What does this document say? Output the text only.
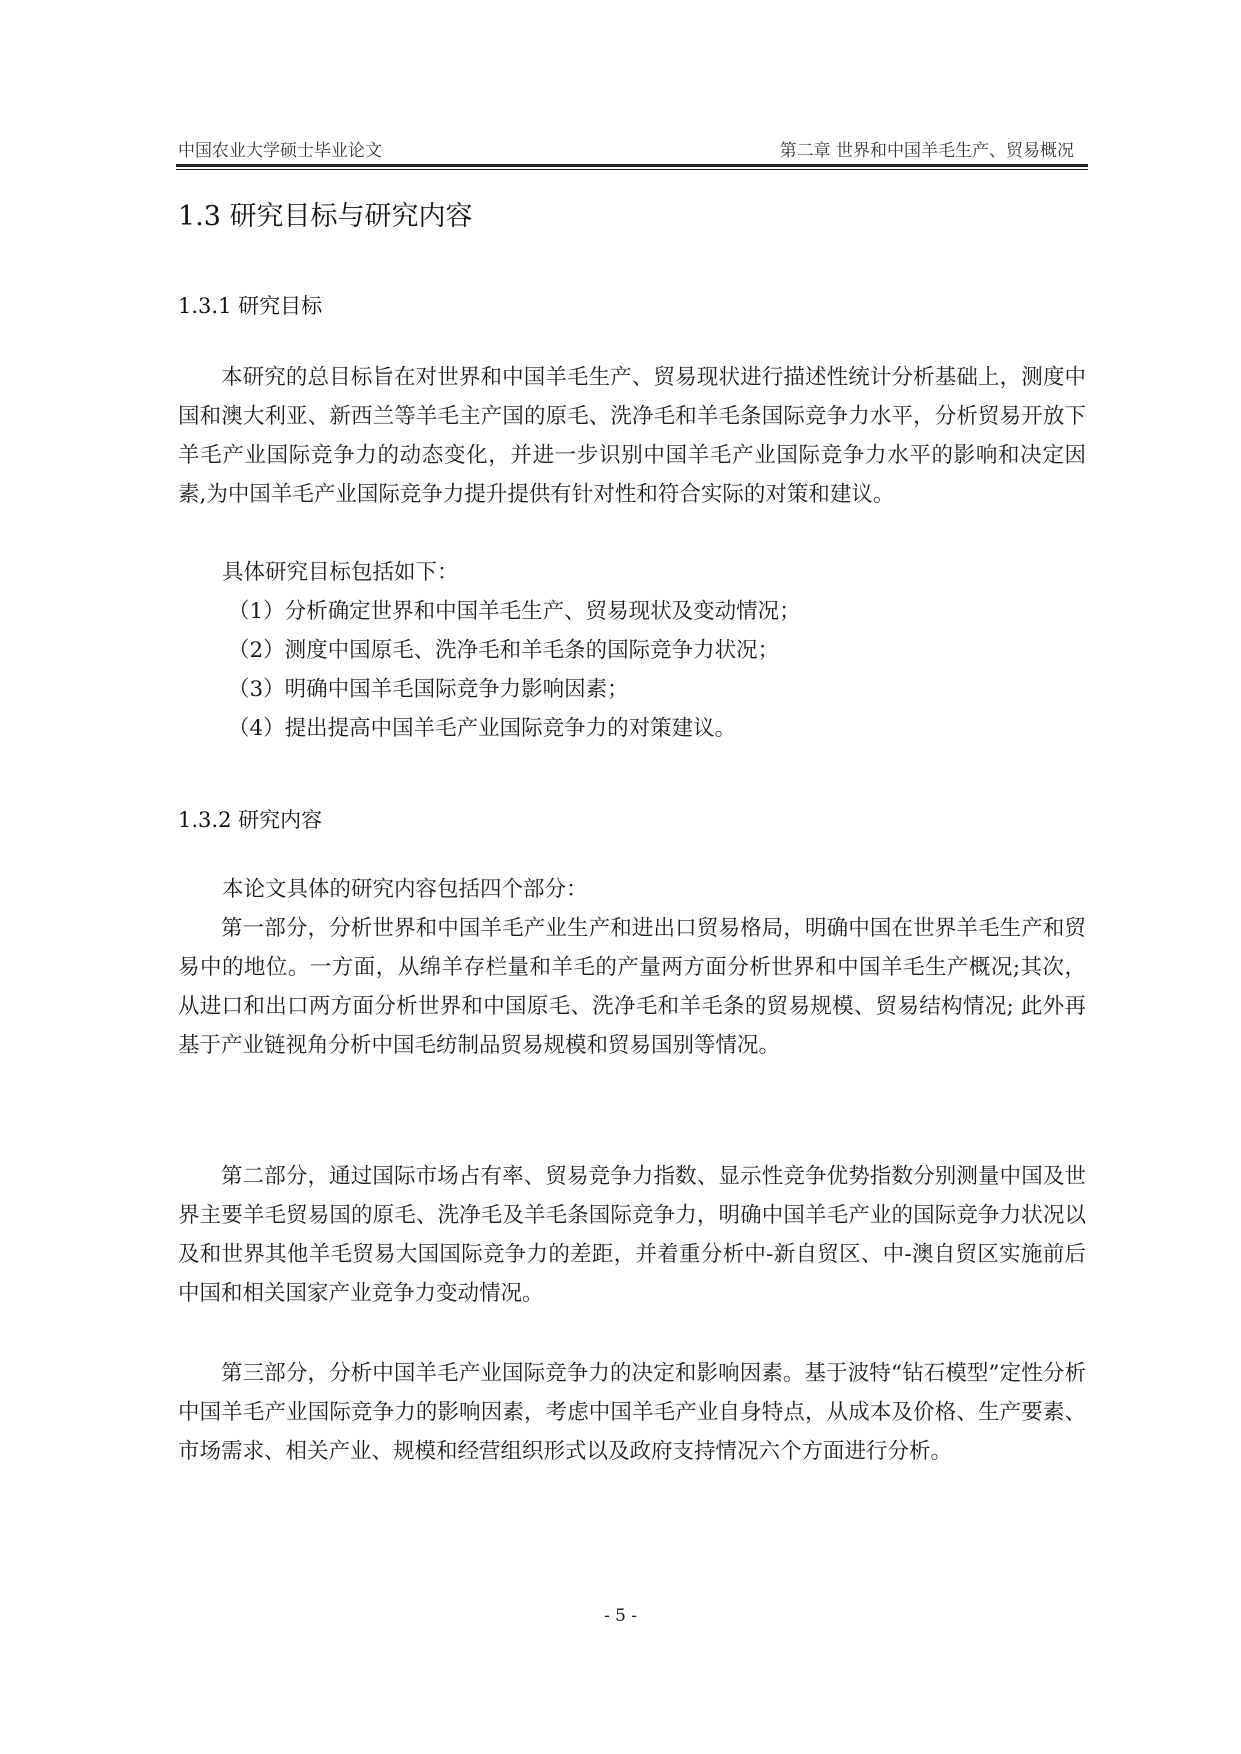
中国农业大学硕士毕业论文	第二章 世界和中国羊毛生产、贸易概况
1.3 研究目标与研究内容
1.3.1 研究目标

本研究的总目标旨在对世界和中国羊毛生产、贸易现状进行描述性统计分析基础上，测度中国和澳大利亚、新西兰等羊毛主产国的原毛、洗净毛和羊毛条国际竞争力水平，分析贸易开放下羊毛产业国际竞争力的动态变化，并进一步识别中国羊毛产业国际竞争力水平的影响和决定因素,为中国羊毛产业国际竞争力提升提供有针对性和符合实际的对策和建议。

具体研究目标包括如下：

（1）分析确定世界和中国羊毛生产、贸易现状及变动情况；

（2）测度中国原毛、洗净毛和羊毛条的国际竞争力状况；

（3）明确中国羊毛国际竞争力影响因素；

（4）提出提高中国羊毛产业国际竞争力的对策建议。

1.3.2 研究内容

本论文具体的研究内容包括四个部分：

第一部分，分析世界和中国羊毛产业生产和进出口贸易格局，明确中国在世界羊毛生产和贸易中的地位。一方面，从绵羊存栏量和羊毛的产量两方面分析世界和中国羊毛生产概况;其次，从进口和出口两方面分析世界和中国原毛、洗净毛和羊毛条的贸易规模、贸易结构情况; 此外再基于产业链视角分析中国毛纺制品贸易规模和贸易国别等情况。

第二部分，通过国际市场占有率、贸易竞争力指数、显示性竞争优势指数分别测量中国及世界主要羊毛贸易国的原毛、洗净毛及羊毛条国际竞争力，明确中国羊毛产业的国际竞争力状况以及和世界其他羊毛贸易大国国际竞争力的差距，并着重分析中-新自贸区、中-澳自贸区实施前后中国和相关国家产业竞争力变动情况。

第三部分，分析中国羊毛产业国际竞争力的决定和影响因素。基于波特“钻石模型”定性分析中国羊毛产业国际竞争力的影响因素，考虑中国羊毛产业自身特点，从成本及价格、生产要素、市场需求、相关产业、规模和经营组织形式以及政府支持情况六个方面进行分析。

- 5 -
